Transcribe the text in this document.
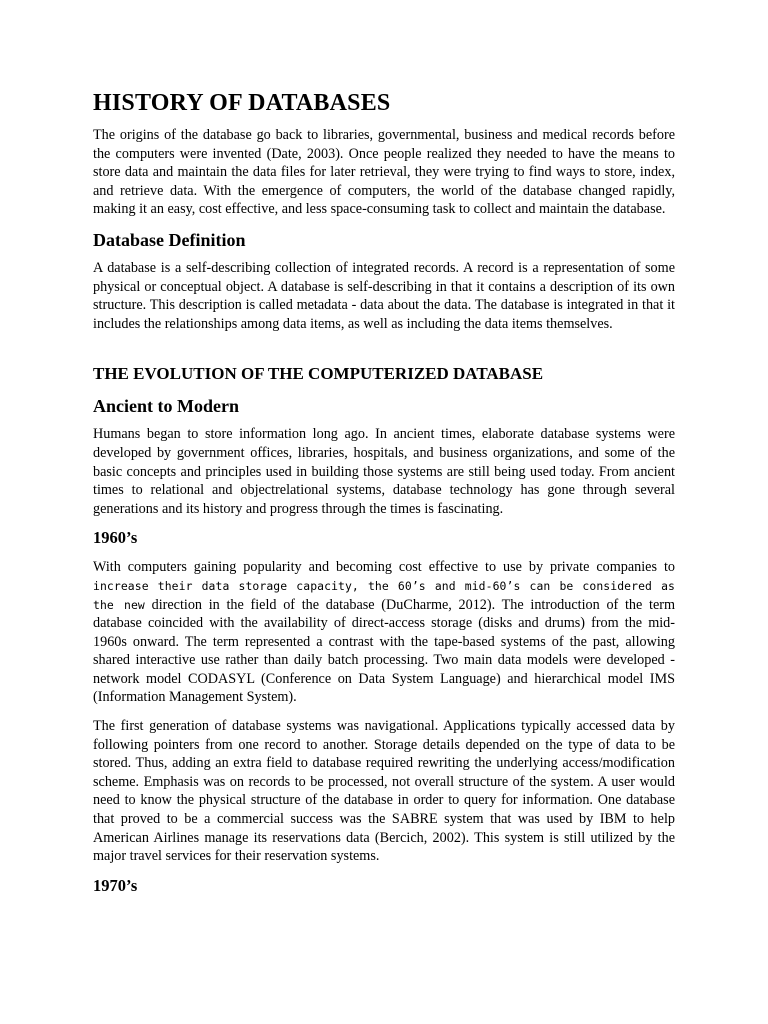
HISTORY OF DATABASES

The origins of the database go back to libraries, governmental, business and medical records before the computers were invented (Date, 2003). Once people realized they needed to have the means to store data and maintain the data files for later retrieval, they were trying to find ways to store, index, and retrieve data. With the emergence of computers, the world of the database changed rapidly, making it an easy, cost effective, and less space-consuming task to collect and maintain the database.

Database Definition

A database is a self-describing collection of integrated records. A record is a representation of some physical or conceptual object. A database is self-describing in that it contains a description of its own structure. This description is called metadata - data about the data. The database is integrated in that it includes the relationships among data items, as well as including the data items themselves.

THE EVOLUTION OF THE COMPUTERIZED DATABASE
Ancient to Modern

Humans began to store information long ago. In ancient times, elaborate database systems were developed by government offices, libraries, hospitals, and business organizations, and some of the basic concepts and principles used in building those systems are still being used today. From ancient times to relational and objectrelational systems, database technology has gone through several generations and its history and progress through the times is fascinating.

1960’s

With computers gaining popularity and becoming cost effective to use by private companies to increase their data storage capacity, the 60’s and mid-60’s can be considered as the new direction in the field of the database (DuCharme, 2012). The introduction of the term database coincided with the availability of direct-access storage (disks and drums) from the mid-1960s onward. The term represented a contrast with the tape-based systems of the past, allowing shared interactive use rather than daily batch processing. Two main data models were developed - network model CODASYL (Conference on Data System Language) and hierarchical model IMS (Information Management System).

The first generation of database systems was navigational. Applications typically accessed data by following pointers from one record to another. Storage details depended on the type of data to be stored. Thus, adding an extra field to database required rewriting the underlying access/modification scheme. Emphasis was on records to be processed, not overall structure of the system. A user would need to know the physical structure of the database in order to query for information. One database that proved to be a commercial success was the SABRE system that was used by IBM to help American Airlines manage its reservations data (Bercich, 2002). This system is still utilized by the major travel services for their reservation systems.

1970’s
